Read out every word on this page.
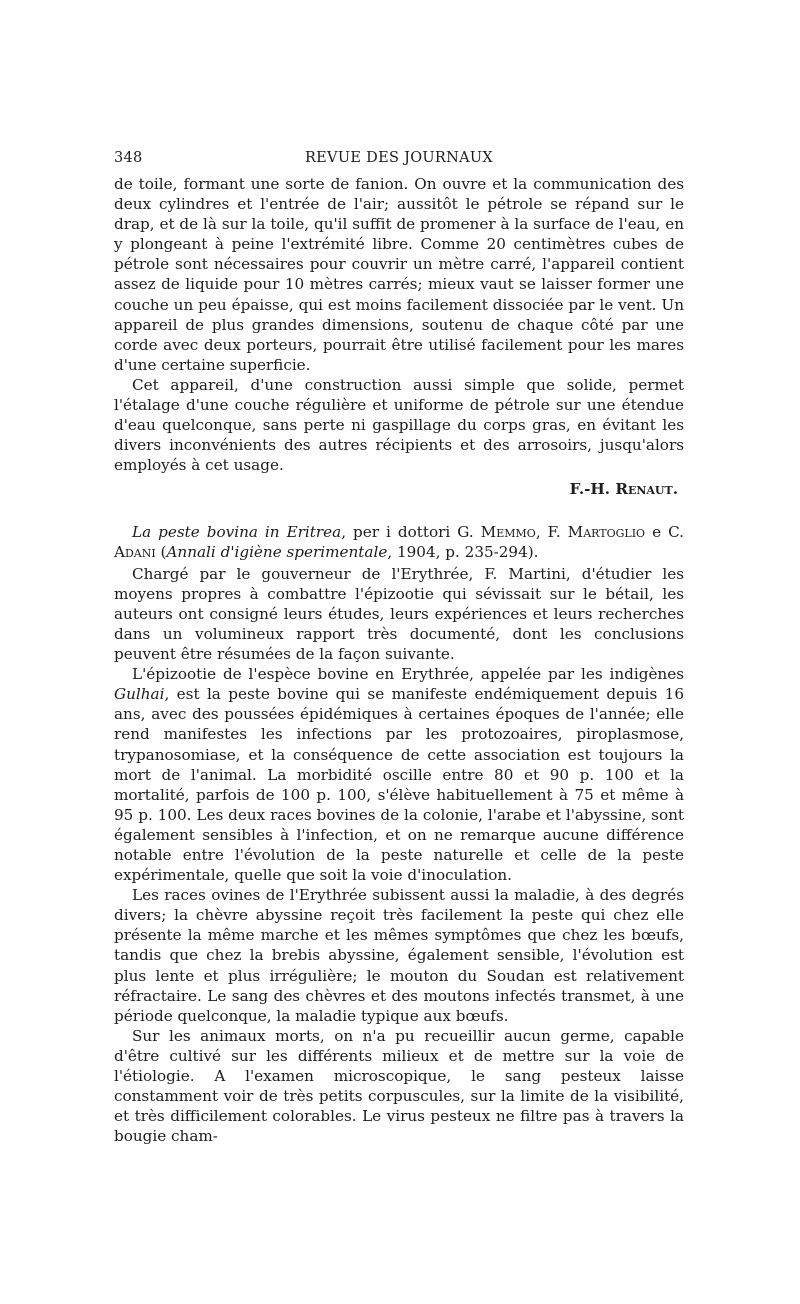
348	REVUE DES JOURNAUX

de toile, formant une sorte de fanion. On ouvre et la communication des deux cylindres et l'entrée de l'air; aussitôt le pétrole se répand sur le drap, et de là sur la toile, qu'il suffit de promener à la surface de l'eau, en y plongeant à peine l'extrémité libre. Comme 20 centimètres cubes de pétrole sont nécessaires pour couvrir un mètre carré, l'appareil contient assez de liquide pour 10 mètres carrés; mieux vaut se laisser former une couche un peu épaisse, qui est moins facilement dissociée par le vent. Un appareil de plus grandes dimensions, soutenu de chaque côté par une corde avec deux porteurs, pourrait être utilisé facilement pour les mares d'une certaine superficie.

Cet appareil, d'une construction aussi simple que solide, permet l'étalage d'une couche régulière et uniforme de pétrole sur une étendue d'eau quelconque, sans perte ni gaspillage du corps gras, en évitant les divers inconvénients des autres récipients et des arrosoirs, jusqu'alors employés à cet usage.

F.-H. Renaut.

La peste bovina in Eritrea, per i dottori G. Memmo, F. Martoglio e C. Adani (Annali d'igiène sperimentale, 1904, p. 235-294).

Chargé par le gouverneur de l'Erythrée, F. Martini, d'étudier les moyens propres à combattre l'épizootie qui sévissait sur le bétail, les auteurs ont consigné leurs études, leurs expériences et leurs recherches dans un volumineux rapport très documenté, dont les conclusions peuvent être résumées de la façon suivante.

L'épizootie de l'espèce bovine en Erythrée, appelée par les indigènes Gulhai, est la peste bovine qui se manifeste endémiquement depuis 16 ans, avec des poussées épidémiques à certaines époques de l'année; elle rend manifestes les infections par les protozoaires, piroplasmose, trypanosomiase, et la conséquence de cette association est toujours la mort de l'animal. La morbidité oscille entre 80 et 90 p. 100 et la mortalité, parfois de 100 p. 100, s'élève habituellement à 75 et même à 95 p. 100. Les deux races bovines de la colonie, l'arabe et l'abyssine, sont également sensibles à l'infection, et on ne remarque aucune différence notable entre l'évolution de la peste naturelle et celle de la peste expérimentale, quelle que soit la voie d'inoculation.

Les races ovines de l'Erythrée subissent aussi la maladie, à des degrés divers; la chèvre abyssine reçoit très facilement la peste qui chez elle présente la même marche et les mêmes symptômes que chez les bœufs, tandis que chez la brebis abyssine, également sensible, l'évolution est plus lente et plus irrégulière; le mouton du Soudan est relativement réfractaire. Le sang des chèvres et des moutons infectés transmet, à une période quelconque, la maladie typique aux bœufs.

Sur les animaux morts, on n'a pu recueillir aucun germe, capable d'être cultivé sur les différents milieux et de mettre sur la voie de l'étiologie. A l'examen microscopique, le sang pesteux laisse constamment voir de très petits corpuscules, sur la limite de la visibilité, et très difficilement colorables. Le virus pesteux ne filtre pas à travers la bougie cham-
